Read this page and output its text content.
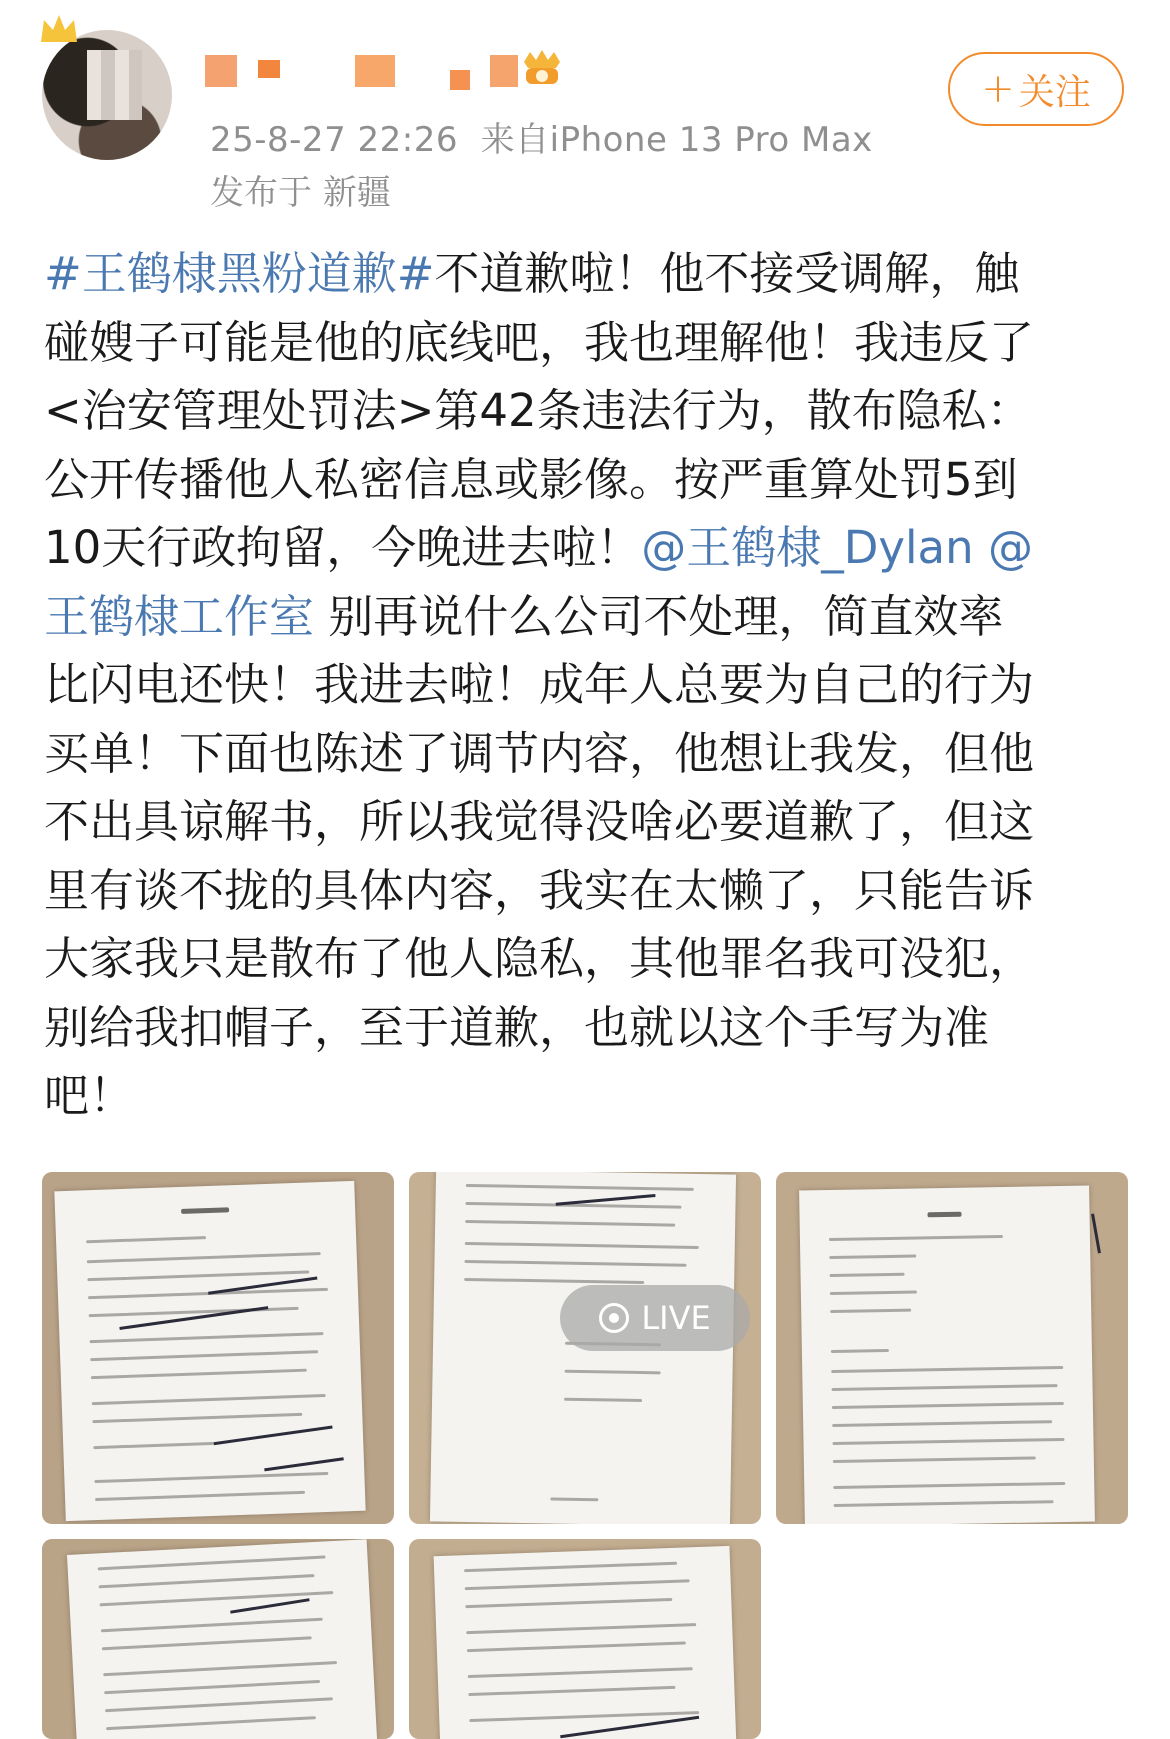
25-8-27 22:26 来自iPhone 13 Pro Max
发布于 新疆
+ 关注
#王鹤棣黑粉道歉#不道歉啦！他不接受调解，触
碰嫂子可能是他的底线吧，我也理解他！我违反了
<治安管理处罚法>第42条违法行为，散布隐私：
公开传播他人私密信息或影像。按严重算处罚5到
10天行政拘留，今晚进去啦！@王鹤棣_Dylan @
王鹤棣工作室 别再说什么公司不处理，简直效率
比闪电还快！我进去啦！成年人总要为自己的行为
买单！下面也陈述了调节内容，他想让我发，但他
不出具谅解书，所以我觉得没啥必要道歉了，但这
里有谈不拢的具体内容，我实在太懒了，只能告诉
大家我只是散布了他人隐私，其他罪名我可没犯，
别给我扣帽子，至于道歉，也就以这个手写为准
吧！
LIVE
